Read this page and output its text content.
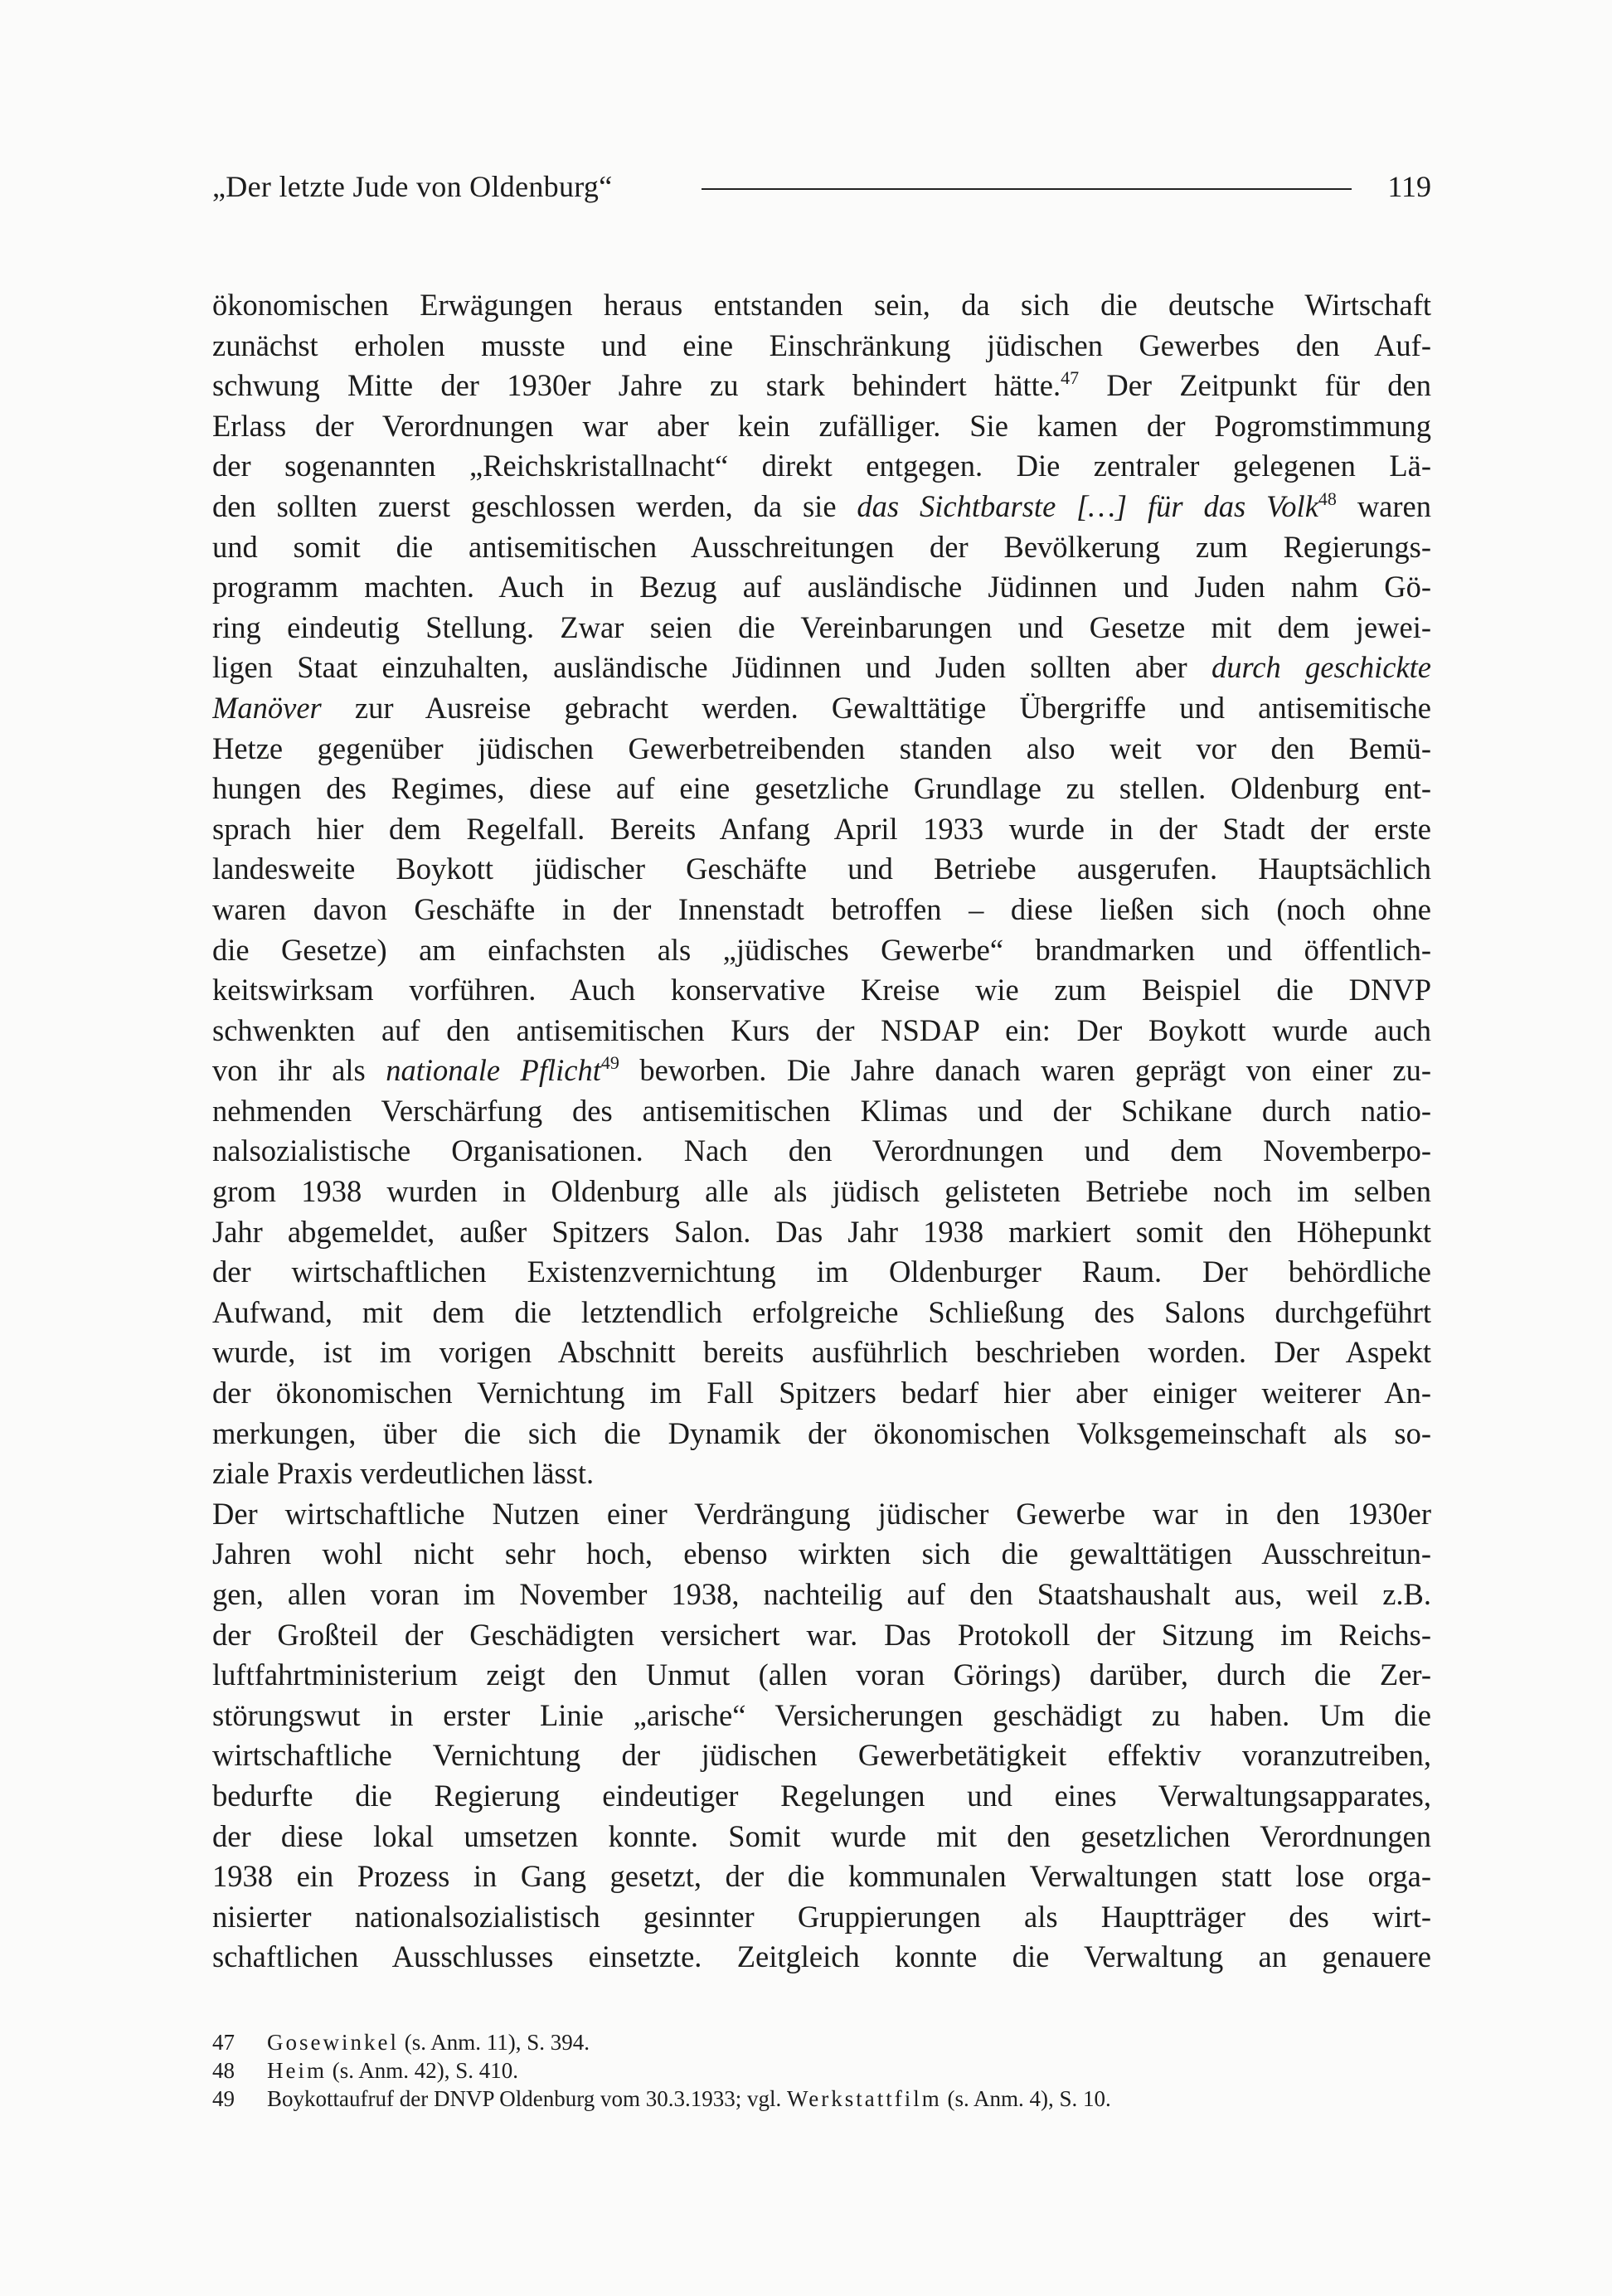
„Der letzte Jude von Oldenburg“	119
ökonomischen Erwägungen heraus entstanden sein, da sich die deutsche Wirtschaft
zunächst erholen musste und eine Einschränkung jüdischen Gewerbes den Auf-
schwung Mitte der 1930er Jahre zu stark behindert hätte.$^{47}$ Der Zeitpunkt für den
Erlass der Verordnungen war aber kein zufälliger. Sie kamen der Pogromstimmung
der sogenannten „Reichskristallnacht“ direkt entgegen. Die zentraler gelegenen Lä-
den sollten zuerst geschlossen werden, da sie das Sichtbarste […] für das Volk$^{48}$ waren
und somit die antisemitischen Ausschreitungen der Bevölkerung zum Regierungs-
programm machten. Auch in Bezug auf ausländische Jüdinnen und Juden nahm Gö-
ring eindeutig Stellung. Zwar seien die Vereinbarungen und Gesetze mit dem jewei-
ligen Staat einzuhalten, ausländische Jüdinnen und Juden sollten aber durch geschickte
Manöver zur Ausreise gebracht werden. Gewalttätige Übergriffe und antisemitische
Hetze gegenüber jüdischen Gewerbetreibenden standen also weit vor den Bemü-
hungen des Regimes, diese auf eine gesetzliche Grundlage zu stellen. Oldenburg ent-
sprach hier dem Regelfall. Bereits Anfang April 1933 wurde in der Stadt der erste
landesweite Boykott jüdischer Geschäfte und Betriebe ausgerufen. Hauptsächlich
waren davon Geschäfte in der Innenstadt betroffen – diese ließen sich (noch ohne
die Gesetze) am einfachsten als „jüdisches Gewerbe“ brandmarken und öffentlich-
keitswirksam vorführen. Auch konservative Kreise wie zum Beispiel die DNVP
schwenkten auf den antisemitischen Kurs der NSDAP ein: Der Boykott wurde auch
von ihr als nationale Pflicht$^{49}$ beworben. Die Jahre danach waren geprägt von einer zu-
nehmenden Verschärfung des antisemitischen Klimas und der Schikane durch natio-
nalsozialistische Organisationen. Nach den Verordnungen und dem Novemberpo-
grom 1938 wurden in Oldenburg alle als jüdisch gelisteten Betriebe noch im selben
Jahr abgemeldet, außer Spitzers Salon. Das Jahr 1938 markiert somit den Höhepunkt
der wirtschaftlichen Existenzvernichtung im Oldenburger Raum. Der behördliche
Aufwand, mit dem die letztendlich erfolgreiche Schließung des Salons durchgeführt
wurde, ist im vorigen Abschnitt bereits ausführlich beschrieben worden. Der Aspekt
der ökonomischen Vernichtung im Fall Spitzers bedarf hier aber einiger weiterer An-
merkungen, über die sich die Dynamik der ökonomischen Volksgemeinschaft als so-
ziale Praxis verdeutlichen lässt.
Der wirtschaftliche Nutzen einer Verdrängung jüdischer Gewerbe war in den 1930er
Jahren wohl nicht sehr hoch, ebenso wirkten sich die gewalttätigen Ausschreitun-
gen, allen voran im November 1938, nachteilig auf den Staatshaushalt aus, weil z.B.
der Großteil der Geschädigten versichert war. Das Protokoll der Sitzung im Reichs-
luftfahrtministerium zeigt den Unmut (allen voran Görings) darüber, durch die Zer-
störungswut in erster Linie „arische“ Versicherungen geschädigt zu haben. Um die
wirtschaftliche Vernichtung der jüdischen Gewerbetätigkeit effektiv voranzutreiben,
bedurfte die Regierung eindeutiger Regelungen und eines Verwaltungsapparates,
der diese lokal umsetzen konnte. Somit wurde mit den gesetzlichen Verordnungen
1938 ein Prozess in Gang gesetzt, der die kommunalen Verwaltungen statt lose orga-
nisierter nationalsozialistisch gesinnter Gruppierungen als Hauptträger des wirt-
schaftlichen Ausschlusses einsetzte. Zeitgleich konnte die Verwaltung an genauere
47 Gosewinkel (s. Anm. 11), S. 394.
48 Heim (s. Anm. 42), S. 410.
49 Boykottaufruf der DNVP Oldenburg vom 30.3.1933; vgl. Werkstattfilm (s. Anm. 4), S. 10.
